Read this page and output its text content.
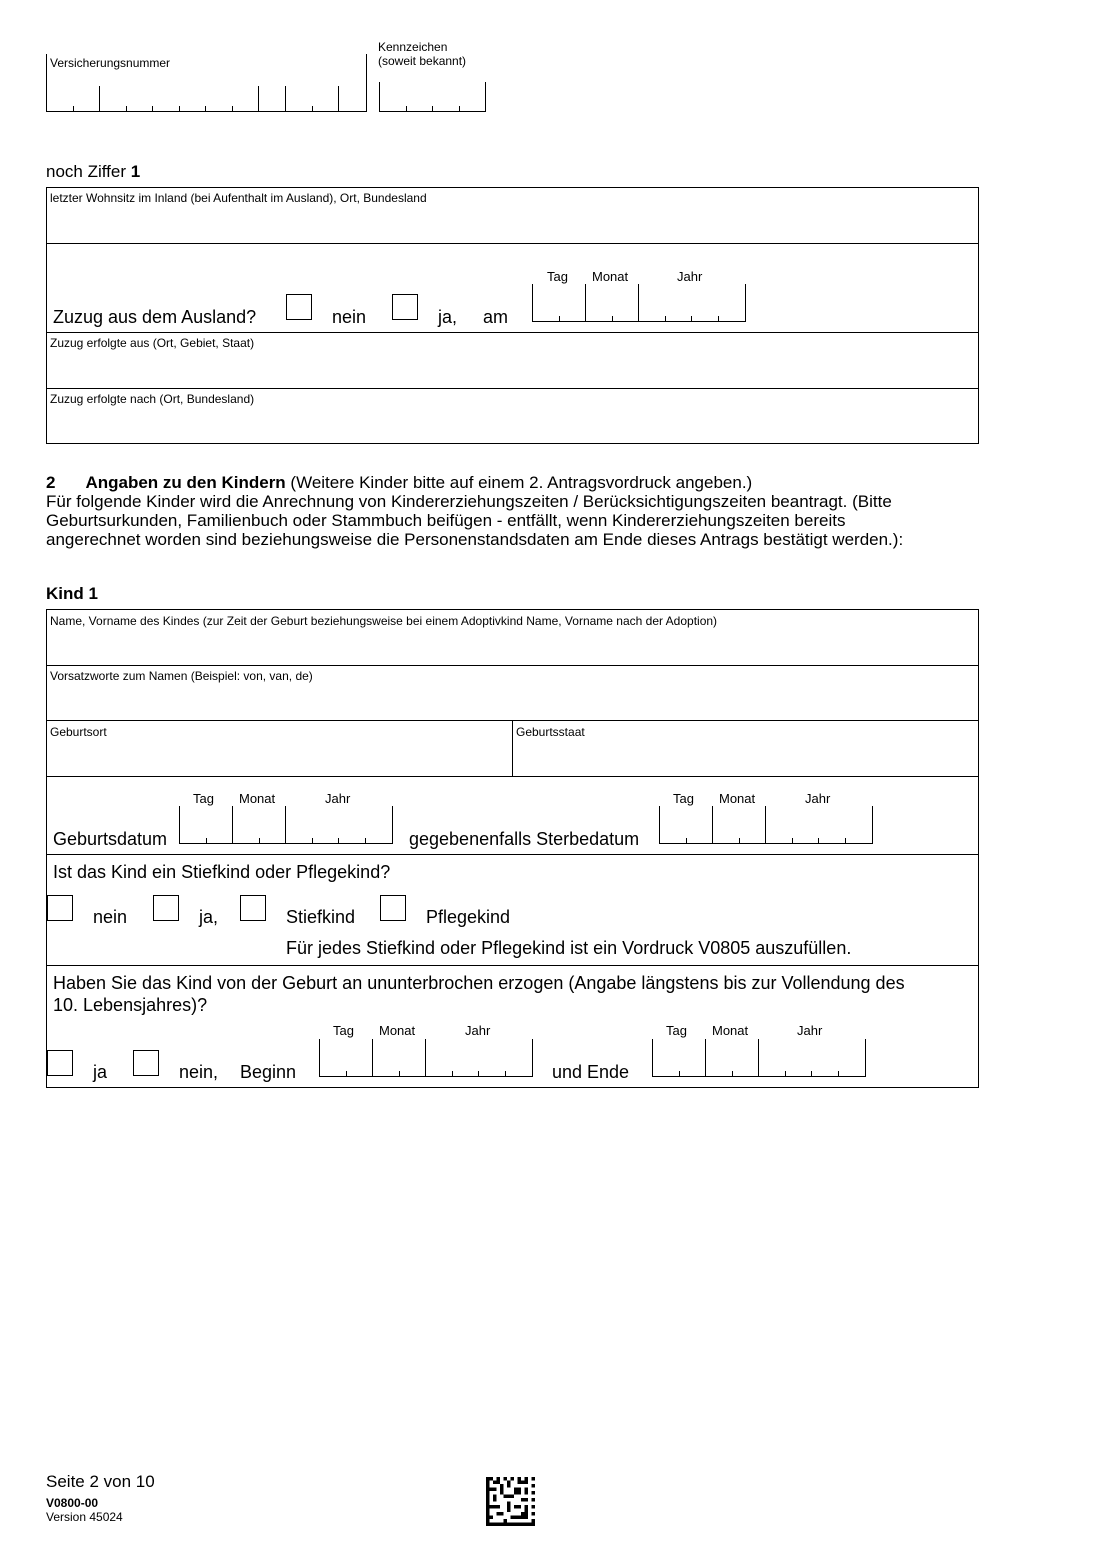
Versicherungsnummer
Kennzeichen
(soweit bekannt)
noch Ziffer 1
letzter Wohnsitz im Inland (bei Aufenthalt im Ausland), Ort, Bundesland
Zuzug aus dem Ausland?	nein	ja, am
Tag Monat	Jahr
Zuzug erfolgte aus (Ort, Gebiet, Staat)
Zuzug erfolgte nach (Ort, Bundesland)
2 Angaben zu den Kindern (Weitere Kinder bitte auf einem 2. Antragsvordruck angeben.)
Für folgende Kinder wird die Anrechnung von Kindererziehungszeiten / Berücksichtigungszeiten beantragt. (Bitte
Geburtsurkunden, Familienbuch oder Stammbuch beifügen - entfällt, wenn Kindererziehungszeiten bereits
angerechnet worden sind beziehungsweise die Personenstandsdaten am Ende dieses Antrags bestätigt werden.):
Kind 1
Name, Vorname des Kindes (zur Zeit der Geburt beziehungsweise bei einem Adoptivkind Name, Vorname nach der Adoption)
Vorsatzworte zum Namen (Beispiel: von, van, de)
Geburtsort	Geburtsstaat
Geburtsdatum
Tag Monat	Jahr
gegebenenfalls Sterbedatum
Tag Monat	Jahr
Ist das Kind ein Stiefkind oder Pflegekind?
nein	ja,	Stiefkind	Pflegekind
Für jedes Stiefkind oder Pflegekind ist ein Vordruck V0805 auszufüllen.
Haben Sie das Kind von der Geburt an ununterbrochen erzogen (Angabe längstens bis zur Vollendung des
10. Lebensjahres)?
ja	nein, Beginn
Tag Monat	Jahr
und Ende
Tag Monat	Jahr
Seite 2 von 10
V0800-00
Version 45024
